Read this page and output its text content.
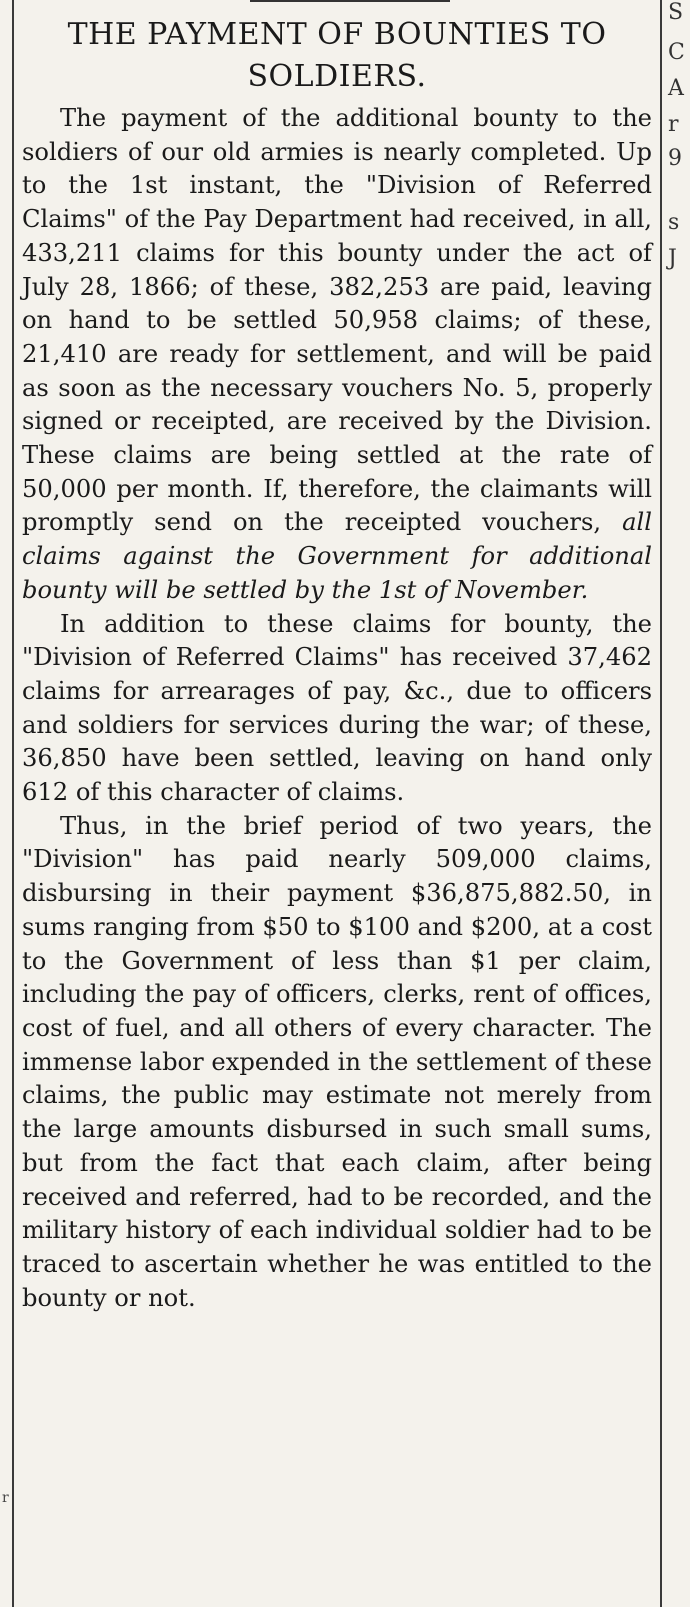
r
S
C
A
r
9
s
J
THE PAYMENT OF BOUNTIES TO SOLDIERS.

The payment of the additional bounty to the soldiers of our old armies is nearly completed. Up to the 1st instant, the "Division of Referred Claims" of the Pay Department had received, in all, 433,211 claims for this bounty under the act of July 28, 1866; of these, 382,253 are paid, leaving on hand to be settled 50,958 claims; of these, 21,410 are ready for settlement, and will be paid as soon as the necessary vouchers No. 5, properly signed or receipted, are received by the Division. These claims are being settled at the rate of 50,000 per month. If, therefore, the claimants will promptly send on the receipted vouchers, all claims against the Government for additional bounty will be settled by the 1st of November.

In addition to these claims for bounty, the "Division of Referred Claims" has received 37,462 claims for arrearages of pay, &c., due to officers and soldiers for services during the war; of these, 36,850 have been settled, leaving on hand only 612 of this character of claims.

Thus, in the brief period of two years, the "Division" has paid nearly 509,000 claims, disbursing in their payment $36,875,882.50, in sums ranging from $50 to $100 and $200, at a cost to the Government of less than $1 per claim, including the pay of officers, clerks, rent of offices, cost of fuel, and all others of every character. The immense labor expended in the settlement of these claims, the public may estimate not merely from the large amounts disbursed in such small sums, but from the fact that each claim, after being received and referred, had to be recorded, and the military history of each individual soldier had to be traced to ascertain whether he was entitled to the bounty or not.
